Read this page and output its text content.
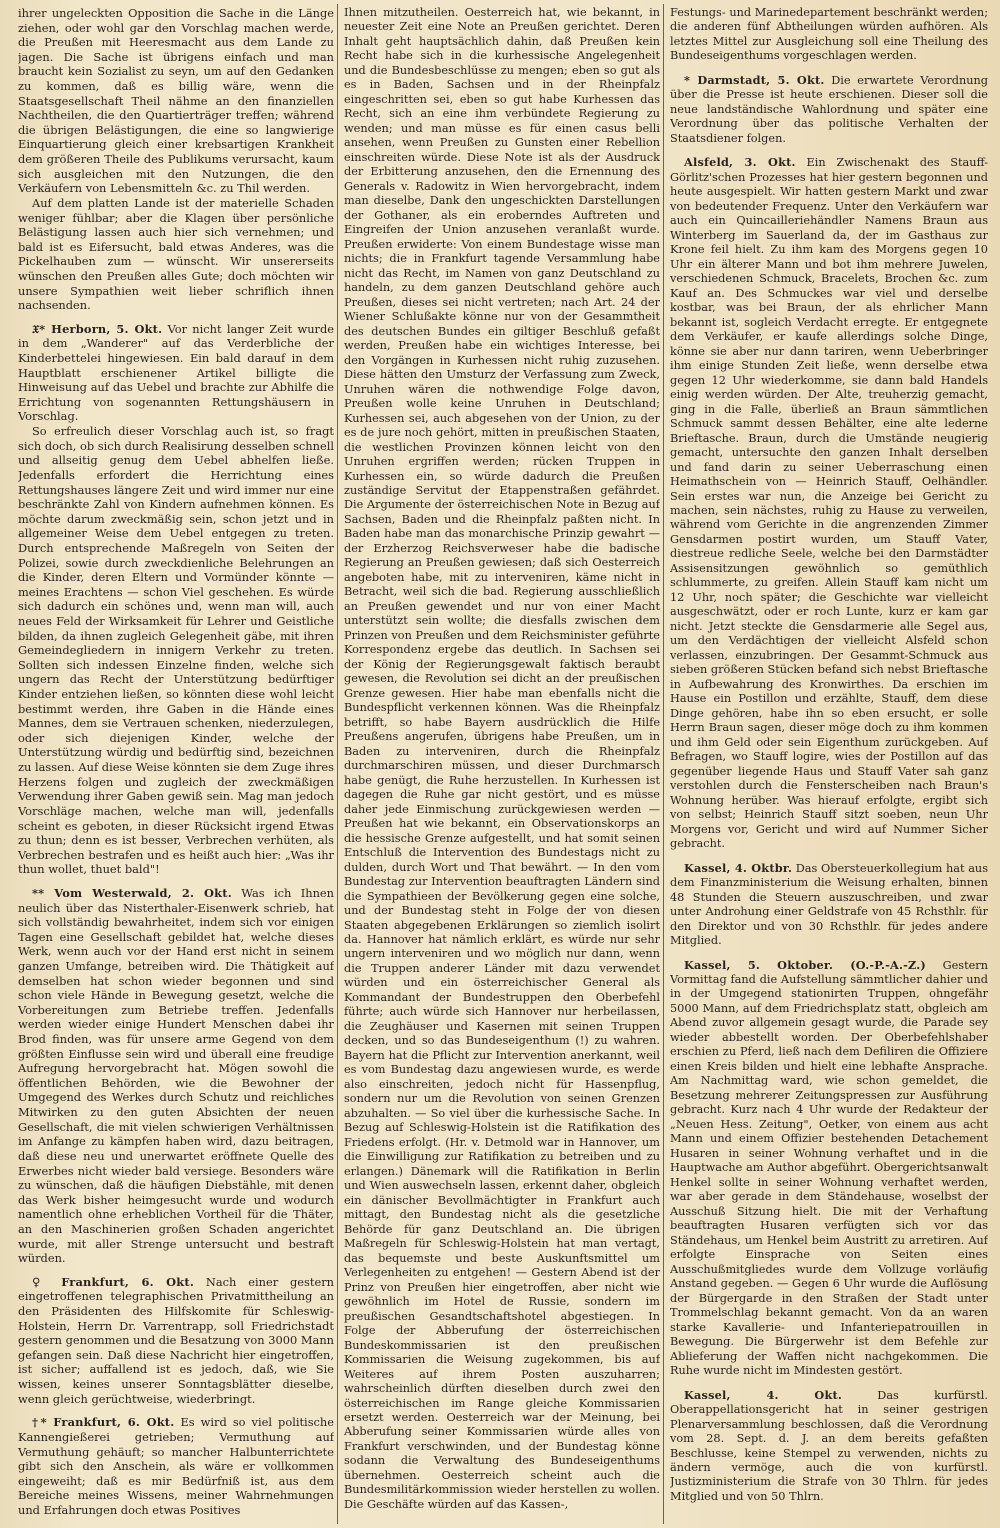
ihrer ungeleckten Opposition die Sache in die Länge ziehen, oder wohl gar den Vorschlag machen werde, die Preußen mit Heeresmacht aus dem Lande zu jagen. Die Sache ist übrigens einfach und man braucht kein Sozialist zu seyn, um auf den Gedanken zu kommen, daß es billig wäre, wenn die Staatsgesellschaft Theil nähme an den finanziellen Nachtheilen, die den Quartierträger treffen; während die übrigen Belästigungen, die eine so langwierige Einquartierung gleich einer krebsartigen Krankheit dem größeren Theile des Publikums verursacht, kaum sich ausgleichen mit den Nutzungen, die den Verkäufern von Lebensmitteln &c. zu Thil werden.

Auf dem platten Lande ist der materielle Schaden weniger fühlbar; aber die Klagen über persönliche Belästigung lassen auch hier sich vernehmen; und bald ist es Eifersucht, bald etwas Anderes, was die Pickelhauben zum — wünscht. Wir unsererseits wünschen den Preußen alles Gute; doch möchten wir unsere Sympathien weit lieber schriflich ihnen nachsenden.

𝔛* Herborn, 5. Okt. Vor nicht langer Zeit wurde in dem „Wanderer" auf das Verderbliche der Kinderbettelei hingewiesen. Ein bald darauf in dem Hauptblatt erschienener Artikel billigte die Hinweisung auf das Uebel und brachte zur Abhilfe die Errichtung von sogenannten Rettungshäusern in Vorschlag.

So erfreulich dieser Vorschlag auch ist, so fragt sich doch, ob sich durch Realisirung desselben schnell und allseitig genug dem Uebel abhelfen ließe. Jedenfalls erfordert die Herrichtung eines Rettungshauses längere Zeit und wird immer nur eine beschränkte Zahl von Kindern aufnehmen können. Es möchte darum zweckmäßig sein, schon jetzt und in allgemeiner Weise dem Uebel entgegen zu treten. Durch entsprechende Maßregeln von Seiten der Polizei, sowie durch zweckdienliche Belehrungen an die Kinder, deren Eltern und Vormünder könnte — meines Erachtens — schon Viel geschehen. Es würde sich dadurch ein schönes und, wenn man will, auch neues Feld der Wirksamkeit für Lehrer und Geistliche bilden, da ihnen zugleich Gelegenheit gäbe, mit ihren Gemeindegliedern in innigern Verkehr zu treten. Sollten sich indessen Einzelne finden, welche sich ungern das Recht der Unterstützung bedürftiger Kinder entziehen ließen, so könnten diese wohl leicht bestimmt werden, ihre Gaben in die Hände eines Mannes, dem sie Vertrauen schenken, niederzulegen, oder sich diejenigen Kinder, welche der Unterstützung würdig und bedürftig sind, bezeichnen zu lassen. Auf diese Weise könnten sie dem Zuge ihres Herzens folgen und zugleich der zweckmäßigen Verwendung ihrer Gaben gewiß sein. Mag man jedoch Vorschläge machen, welche man will, jedenfalls scheint es geboten, in dieser Rücksicht irgend Etwas zu thun; denn es ist besser, Verbrechen verhüten, als Verbrechen bestrafen und es heißt auch hier: „Was ihr thun wollet, thuet bald"!

** Vom Westerwald, 2. Okt. Was ich Ihnen neulich über das Nisterthaler-Eisenwerk schrieb, hat sich vollständig bewahrheitet, indem sich vor einigen Tagen eine Gesellschaft gebildet hat, welche dieses Werk, wenn auch vor der Hand erst nicht in seinem ganzen Umfange, betreiben wird. Die Thätigkeit auf demselben hat schon wieder begonnen und sind schon viele Hände in Bewegung gesetzt, welche die Vorbereitungen zum Betriebe treffen. Jedenfalls werden wieder einige Hundert Menschen dabei ihr Brod finden, was für unsere arme Gegend von dem größten Einflusse sein wird und überall eine freudige Aufregung hervorgebracht hat. Mögen sowohl die öffentlichen Behörden, wie die Bewohner der Umgegend des Werkes durch Schutz und reichliches Mitwirken zu den guten Absichten der neuen Gesellschaft, die mit vielen schwierigen Verhältnissen im Anfange zu kämpfen haben wird, dazu beitragen, daß diese neu und unerwartet eröffnete Quelle des Erwerbes nicht wieder bald versiege. Besonders wäre zu wünschen, daß die häufigen Diebstähle, mit denen das Werk bisher heimgesucht wurde und wodurch namentlich ohne erheblichen Vortheil für die Thäter, an den Maschinerien großen Schaden angerichtet wurde, mit aller Strenge untersucht und bestraft würden.

♀ Frankfurt, 6. Okt. Nach einer gestern eingetroffenen telegraphischen Privatmittheilung an den Präsidenten des Hilfskomite für Schleswig-Holstein, Herrn Dr. Varrentrapp, soll Friedrichstadt gestern genommen und die Besatzung von 3000 Mann gefangen sein. Daß diese Nachricht hier eingetroffen, ist sicher; auffallend ist es jedoch, daß, wie Sie wissen, keines unserer Sonntagsblätter dieselbe, wenn gleich gerüchtweise, wiederbringt.

†* Frankfurt, 6. Okt. Es wird so viel politische Kannengießerei getrieben; Vermuthung auf Vermuthung gehäuft; so mancher Halbunterrichtete gibt sich den Anschein, als wäre er vollkommen eingeweiht; daß es mir Bedürfniß ist, aus dem Bereiche meines Wissens, meiner Wahrnehmungen und Erfahrungen doch etwas Positives

Ihnen mitzutheilen. Oesterreich hat, wie bekannt, in neuester Zeit eine Note an Preußen gerichtet. Deren Inhalt geht hauptsächlich dahin, daß Preußen kein Recht habe sich in die kurhessische Angelegenheit und die Bundesbeschlüsse zu mengen; eben so gut als es in Baden, Sachsen und in der Rheinpfalz eingeschritten sei, eben so gut habe Kurhessen das Recht, sich an eine ihm verbündete Regierung zu wenden; und man müsse es für einen casus belli ansehen, wenn Preußen zu Gunsten einer Rebellion einschreiten würde. Diese Note ist als der Ausdruck der Erbitterung anzusehen, den die Ernennung des Generals v. Radowitz in Wien hervorgebracht, indem man dieselbe, Dank den ungeschickten Darstellungen der Gothaner, als ein eroberndes Auftreten und Eingreifen der Union anzusehen veranlaßt wurde. Preußen erwiderte: Von einem Bundestage wisse man nichts; die in Frankfurt tagende Versammlung habe nicht das Recht, im Namen von ganz Deutschland zu handeln, zu dem ganzen Deutschland gehöre auch Preußen, dieses sei nicht vertreten; nach Art. 24 der Wiener Schlußakte könne nur von der Gesammtheit des deutschen Bundes ein giltiger Beschluß gefaßt werden, Preußen habe ein wichtiges Interesse, bei den Vorgängen in Kurhessen nicht ruhig zuzusehen. Diese hätten den Umsturz der Verfassung zum Zweck, Unruhen wären die nothwendige Folge davon, Preußen wolle keine Unruhen in Deutschland; Kurhessen sei, auch abgesehen von der Union, zu der es de jure noch gehört, mitten in preußischen Staaten, die westlichen Provinzen können leicht von den Unruhen ergriffen werden; rücken Truppen in Kurhessen ein, so würde dadurch die Preußen zuständige Servitut der Etappenstraßen gefährdet. Die Argumente der österreichischen Note in Bezug auf Sachsen, Baden und die Rheinpfalz paßten nicht. In Baden habe man das monarchische Prinzip gewahrt — der Erzherzog Reichsverweser habe die badische Regierung an Preußen gewiesen; daß sich Oesterreich angeboten habe, mit zu interveniren, käme nicht in Betracht, weil sich die bad. Regierung ausschließlich an Preußen gewendet und nur von einer Macht unterstützt sein wollte; die diesfalls zwischen dem Prinzen von Preußen und dem Reichsminister geführte Korrespondenz ergebe das deutlich. In Sachsen sei der König der Regierungsgewalt faktisch beraubt gewesen, die Revolution sei dicht an der preußischen Grenze gewesen. Hier habe man ebenfalls nicht die Bundespflicht verkennen können. Was die Rheinpfalz betrifft, so habe Bayern ausdrücklich die Hilfe Preußens angerufen, übrigens habe Preußen, um in Baden zu interveniren, durch die Rheinpfalz durchmarschiren müssen, und dieser Durchmarsch habe genügt, die Ruhe herzustellen. In Kurhessen ist dagegen die Ruhe gar nicht gestört, und es müsse daher jede Einmischung zurückgewiesen werden — Preußen hat wie bekannt, ein Observationskorps an die hessische Grenze aufgestellt, und hat somit seinen Entschluß die Intervention des Bundestags nicht zu dulden, durch Wort und That bewährt. — In den vom Bundestag zur Intervention beauftragten Ländern sind die Sympathieen der Bevölkerung gegen eine solche, und der Bundestag steht in Folge der von diesen Staaten abgegebenen Erklärungen so ziemlich isolirt da. Hannover hat nämlich erklärt, es würde nur sehr ungern interveniren und wo möglich nur dann, wenn die Truppen anderer Länder mit dazu verwendet würden und ein österreichischer General als Kommandant der Bundestruppen den Oberbefehl führte; auch würde sich Hannover nur herbeilassen, die Zeughäuser und Kasernen mit seinen Truppen decken, und so das Bundeseigenthum (!) zu wahren. Bayern hat die Pflicht zur Intervention anerkannt, weil es vom Bundestag dazu angewiesen wurde, es werde also einschreiten, jedoch nicht für Hassenpflug, sondern nur um die Revolution von seinen Grenzen abzuhalten. — So viel über die kurhessische Sache. In Bezug auf Schleswig-Holstein ist die Ratifikation des Friedens erfolgt. (Hr. v. Detmold war in Hannover, um die Einwilligung zur Ratifikation zu betreiben und zu erlangen.) Dänemark will die Ratifikation in Berlin und Wien auswechseln lassen, erkennt daher, obgleich ein dänischer Bevollmächtigter in Frankfurt auch mittagt, den Bundestag nicht als die gesetzliche Behörde für ganz Deutschland an. Die übrigen Maßregeln für Schleswig-Holstein hat man vertagt, das bequemste und beste Auskunftsmittel um Verlegenheiten zu entgehen! — Gestern Abend ist der Prinz von Preußen hier eingetroffen, aber nicht wie gewöhnlich im Hotel de Russie, sondern im preußischen Gesandtschaftshotel abgestiegen. In Folge der Abberufung der österreichischen Bundeskommissarien ist den preußischen Kommissarien die Weisung zugekommen, bis auf Weiteres auf ihrem Posten auszuharren; wahrscheinlich dürften dieselben durch zwei den österreichischen im Range gleiche Kommissarien ersetzt werden. Oesterreich war der Meinung, bei Abberufung seiner Kommissarien würde alles von Frankfurt verschwinden, und der Bundestag könne sodann die Verwaltung des Bundeseigenthums übernehmen. Oesterreich scheint auch die Bundesmilitärkommission wieder herstellen zu wollen. Die Geschäfte würden auf das Kassen-,

Festungs- und Marinedepartement beschränkt werden; die anderen fünf Abtheilungen würden aufhören. Als letztes Mittel zur Ausgleichung soll eine Theilung des Bundeseigenthums vorgeschlagen werden.

* Darmstadt, 5. Okt. Die erwartete Verordnung über die Presse ist heute erschienen. Dieser soll die neue landständische Wahlordnung und später eine Verordnung über das politische Verhalten der Staatsdiener folgen.

Alsfeld, 3. Okt. Ein Zwischenakt des Stauff-Görlitz'schen Prozesses hat hier gestern begonnen und heute ausgespielt. Wir hatten gestern Markt und zwar von bedeutender Frequenz. Unter den Verkäufern war auch ein Quincailleriehändler Namens Braun aus Winterberg im Sauerland da, der im Gasthaus zur Krone feil hielt. Zu ihm kam des Morgens gegen 10 Uhr ein älterer Mann und bot ihm mehrere Juwelen, verschiedenen Schmuck, Bracelets, Brochen &c. zum Kauf an. Des Schmuckes war viel und derselbe kostbar, was bei Braun, der als ehrlicher Mann bekannt ist, sogleich Verdacht erregte. Er entgegnete dem Verkäufer, er kaufe allerdings solche Dinge, könne sie aber nur dann tariren, wenn Ueberbringer ihm einige Stunden Zeit ließe, wenn derselbe etwa gegen 12 Uhr wiederkomme, sie dann bald Handels einig werden würden. Der Alte, treuherzig gemacht, ging in die Falle, überließ an Braun sämmtlichen Schmuck sammt dessen Behälter, eine alte lederne Brieftasche. Braun, durch die Umstände neugierig gemacht, untersuchte den ganzen Inhalt derselben und fand darin zu seiner Ueberraschung einen Heimathschein von — Heinrich Stauff, Oelhändler. Sein erstes war nun, die Anzeige bei Gericht zu machen, sein nächstes, ruhig zu Hause zu verweilen, während vom Gerichte in die angrenzenden Zimmer Gensdarmen postirt wurden, um Stauff Vater, diestreue redliche Seele, welche bei den Darmstädter Assisensitzungen gewöhnlich so gemüthlich schlummerte, zu greifen. Allein Stauff kam nicht um 12 Uhr, noch später; die Geschichte war vielleicht ausgeschwätzt, oder er roch Lunte, kurz er kam gar nicht. Jetzt steckte die Gensdarmerie alle Segel aus, um den Verdächtigen der vielleicht Alsfeld schon verlassen, einzubringen. Der Gesammt-Schmuck aus sieben größeren Stücken befand sich nebst Brieftasche in Aufbewahrung des Kronwirthes. Da erschien im Hause ein Postillon und erzählte, Stauff, dem diese Dinge gehören, habe ihn so eben ersucht, er solle Herrn Braun sagen, dieser möge doch zu ihm kommen und ihm Geld oder sein Eigenthum zurückgeben. Auf Befragen, wo Stauff logire, wies der Postillon auf das gegenüber liegende Haus und Stauff Vater sah ganz verstohlen durch die Fensterscheiben nach Braun's Wohnung herüber. Was hierauf erfolgte, ergibt sich von selbst; Heinrich Stauff sitzt soeben, neun Uhr Morgens vor, Gericht und wird auf Nummer Sicher gebracht.

Kassel, 4. Oktbr. Das Obersteuerkollegium hat aus dem Finanzministerium die Weisung erhalten, binnen 48 Stunden die Steuern auszuschreiben, und zwar unter Androhung einer Geldstrafe von 45 Rchsthlr. für den Direktor und von 30 Rchsthlr. für jedes andere Mitglied.

Kassel, 5. Oktober. (O.-P.-A.-Z.) Gestern Vormittag fand die Aufstellung sämmtlicher dahier und in der Umgegend stationirten Truppen, ohngefähr 5000 Mann, auf dem Friedrichsplatz statt, obgleich am Abend zuvor allgemein gesagt wurde, die Parade sey wieder abbestellt worden. Der Oberbefehlshaber erschien zu Pferd, ließ nach dem Defiliren die Offiziere einen Kreis bilden und hielt eine lebhafte Ansprache. Am Nachmittag ward, wie schon gemeldet, die Besetzung mehrerer Zeitungspressen zur Ausführung gebracht. Kurz nach 4 Uhr wurde der Redakteur der „Neuen Hess. Zeitung", Oetker, von einem aus acht Mann und einem Offizier bestehenden Detachement Husaren in seiner Wohnung verhaftet und in die Hauptwache am Author abgeführt. Obergerichtsanwalt Henkel sollte in seiner Wohnung verhaftet werden, war aber gerade in dem Ständehause, woselbst der Ausschuß Sitzung hielt. Die mit der Verhaftung beauftragten Husaren verfügten sich vor das Ständehaus, um Henkel beim Austritt zu arretiren. Auf erfolgte Einsprache von Seiten eines Ausschußmitgliedes wurde dem Vollzuge vorläufig Anstand gegeben. — Gegen 6 Uhr wurde die Auflösung der Bürgergarde in den Straßen der Stadt unter Trommelschlag bekannt gemacht. Von da an waren starke Kavallerie- und Infanteriepatrouillen in Bewegung. Die Bürgerwehr ist dem Befehle zur Ablieferung der Waffen nicht nachgekommen. Die Ruhe wurde nicht im Mindesten gestört.

Kassel, 4. Okt.	Das kurfürstl. Oberappellationsgericht hat in seiner gestrigen Plenarversammlung beschlossen, daß die Verordnung vom 28. Sept. d. J. an dem bereits gefaßten Beschlusse, keine Stempel zu verwenden, nichts zu ändern vermöge, auch die von kurfürstl. Justizministerium die Strafe von 30 Thlrn. für jedes Mitglied und von 50 Thlrn.
